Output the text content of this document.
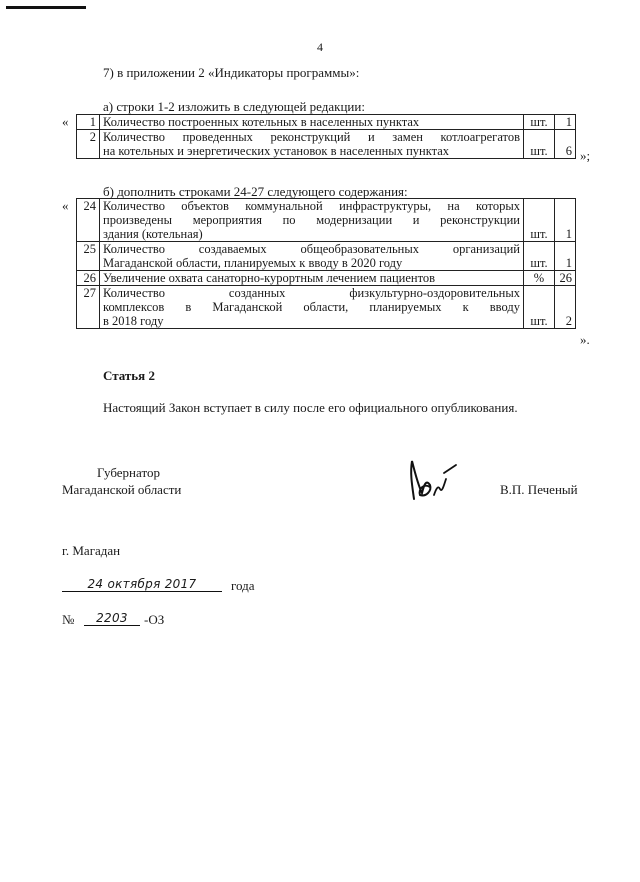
4
7) в приложении 2 «Индикаторы программы»:
а) строки 1-2 изложить в следующей редакции:
« 1	Количество построенных котельных в населенных пунктах	шт.	1
2	Количество проведенных реконструкций и замен котлоагрегатов
на котельных и энергетических установок в населенных пунктах	шт.	6 »;
б) дополнить строками 24-27 следующего содержания:
« 24	Количество объектов коммунальной инфраструктуры, на которых
произведены мероприятия по модернизации и реконструкции
здания (котельная)	шт.	1
25	Количество создаваемых общеобразовательных организаций
Магаданской области, планируемых к вводу в 2020 году	шт.	1
26	Увеличение охвата санаторно-курортным лечением пациентов	%	26
27	Количество созданных физкультурно-оздоровительных
комплексов в Магаданской области, планируемых к вводу
в 2018 году	шт.	2
».
Статья 2
Настоящий Закон вступает в силу после его официального опубликования.
Губернатор
Магаданской области	В.П. Печеный
г. Магадан
24 октября 2017	года
№	2203	-ОЗ
